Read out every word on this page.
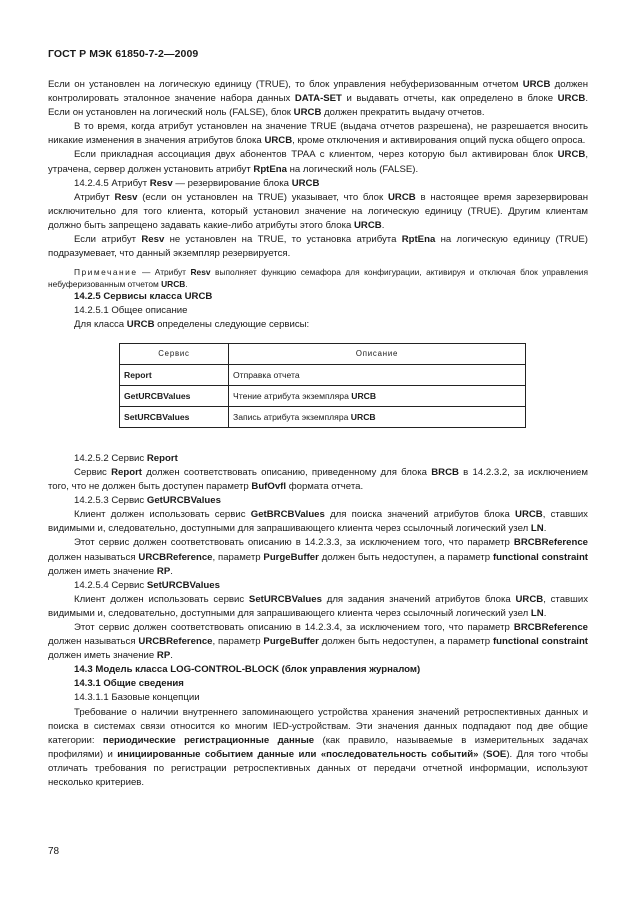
ГОСТ Р МЭК 61850-7-2—2009

Если он установлен на логическую единицу (TRUE), то блок управления небуферизованным отчетом URCB должен контролировать эталонное значение набора данных DATA-SET и выдавать отчеты, как определено в блоке URCB. Если он установлен на логический ноль (FALSE), блок URCB должен прекратить выдачу отчетов.

В то время, когда атрибут установлен на значение TRUE (выдача отчетов разрешена), не разрешается вносить никакие изменения в значения атрибутов блока URCB, кроме отключения и активирования опций пуска общего опроса.

Если прикладная ассоциация двух абонентов TPAA с клиентом, через которую был активирован блок URCB, утрачена, сервер должен установить атрибут RptEna на логический ноль (FALSE).

14.2.4.5 Атрибут Resv — резервирование блока URCB

Атрибут Resv (если он установлен на TRUE) указывает, что блок URCB в настоящее время зарезервирован исключительно для того клиента, который установил значение на логическую единицу (TRUE). Другим клиентам должно быть запрещено задавать какие-либо атрибуты этого блока URCB.

Если атрибут Resv не установлен на TRUE, то установка атрибута RptEna на логическую единицу (TRUE) подразумевает, что данный экземпляр резервируется.

Примечание — Атрибут Resv выполняет функцию семафора для конфигурации, активируя и отключая блок управления небуферизованным отчетом URCB.

14.2.5 Сервисы класса URCB

14.2.5.1 Общее описание

Для класса URCB определены следующие сервисы:

Сервис	Описание
Report	Отправка отчета
GetURCBValues	Чтение атрибута экземпляра URCB
SetURCBValues	Запись атрибута экземпляра URCB

14.2.5.2 Сервис Report

Сервис Report должен соответствовать описанию, приведенному для блока BRCB в 14.2.3.2, за исключением того, что не должен быть доступен параметр BufOvfl формата отчета.

14.2.5.3 Сервис GetURCBValues

Клиент должен использовать сервис GetBRCBValues для поиска значений атрибутов блока URCB, ставших видимыми и, следовательно, доступными для запрашивающего клиента через ссылочный логический узел LN.

Этот сервис должен соответствовать описанию в 14.2.3.3, за исключением того, что параметр BRCBReference должен называться URCBReference, параметр PurgeBuffer должен быть недоступен, а параметр functional constraint должен иметь значение RP.

14.2.5.4 Сервис SetURCBValues

Клиент должен использовать сервис SetURCBValues для задания значений атрибутов блока URCB, ставших видимыми и, следовательно, доступными для запрашивающего клиента через ссылочный логический узел LN.

Этот сервис должен соответствовать описанию в 14.2.3.4, за исключением того, что параметр BRCBReference должен называться URCBReference, параметр PurgeBuffer должен быть недоступен, а параметр functional constraint должен иметь значение RP.

14.3 Модель класса LOG-CONTROL-BLOCK (блок управления журналом)

14.3.1 Общие сведения

14.3.1.1 Базовые концепции

Требование о наличии внутреннего запоминающего устройства хранения значений ретроспективных данных и поиска в системах связи относится ко многим IED-устройствам. Эти значения данных подпадают под две общие категории: периодические регистрационные данные (как правило, называемые в измерительных задачах профилями) и инициированные событием данные или «последовательность событий» (SOE). Для того чтобы отличать требования по регистрации ретроспективных данных от передачи отчетной информации, используют несколько критериев.

78
